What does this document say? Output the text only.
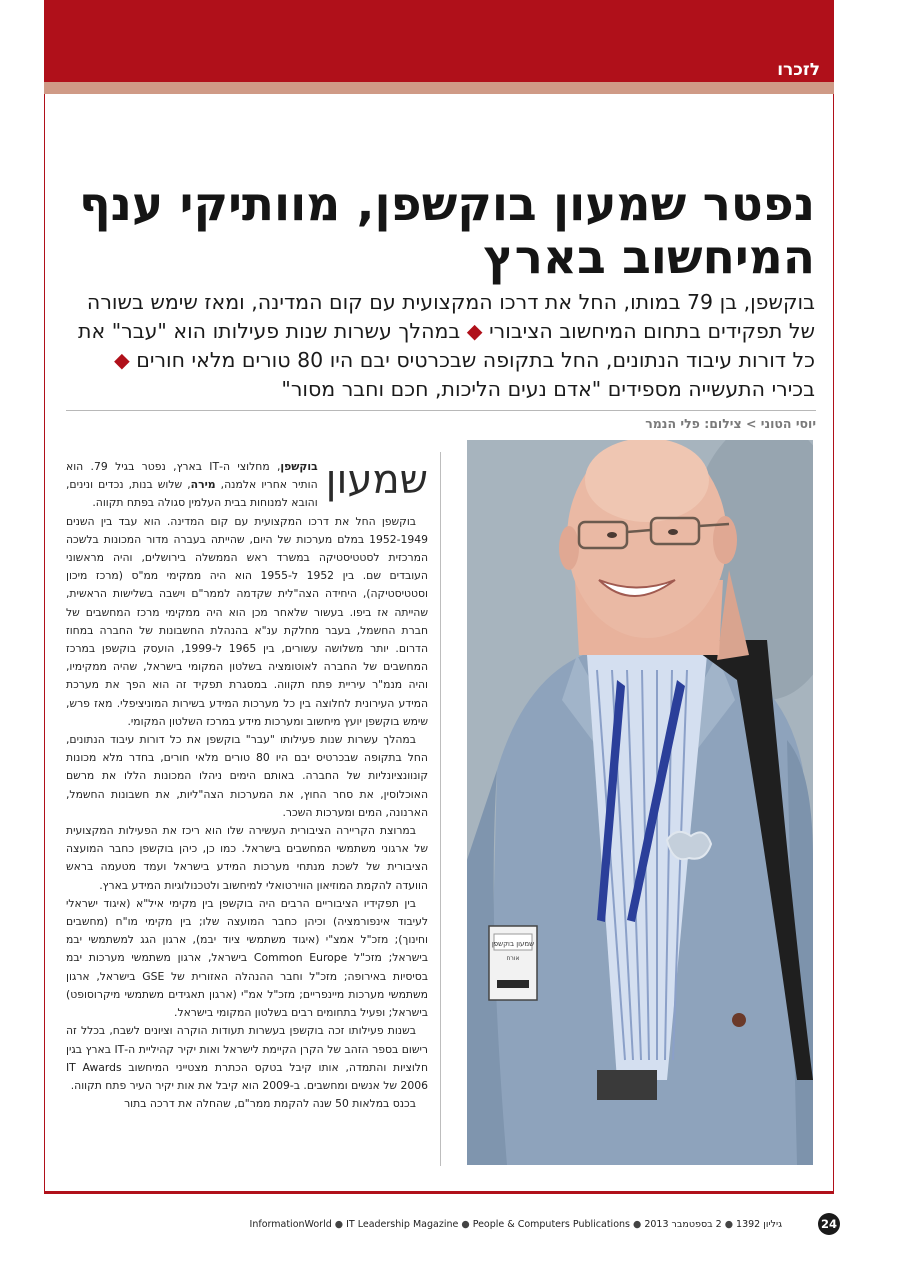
לזכרו
נפטר שמעון בוקשפן, מוותיקי ענף המיחשוב בארץ

בוקשפן, בן 79 במותו, החל את דרכו המקצועית עם קום המדינה, ומאז שימש בשורה של תפקידים בתחום המיחשוב הציבורי ◆ במהלך עשרות שנות פעילותו הוא "עבר" את כל דורות עיבוד הנתונים, החל בתקופה שבכרטיס יבם היו 80 טורים מלאי חורים ◆ בכירי התעשייה מספידים "אדם נעים הליכות, חכם וחבר מסור"

יוסי הטוני > צילום: פלי הנמר
שמעון בוקשפן
אורח
שמעון

בוקשפן, מחלוצי ה-IT בארץ, נפטר בגיל 79. הוא הותיר אחריו אלמנה, מירה, שלוש בנות, נכדים ונינים, והובא למנוחות בבית העלמין סגולה בפתח תקווה.

בוקשפן החל את דרכו המקצועית עם קום המדינה. הוא עבד בין השנים 1952-1949 במלם מערכות של היום, שהייתה בעברה מדור המכונות בלשכה המרכזית לסטטיסטיקה במשרד ראש הממשלה בירושלים, והיה מראשוני העובדים שם. בין 1952 ל-1955 הוא היה ממקימי ממ"ס (מרכז מיכון וסטטיסטיקה), היחידה הצה"לית שקדמה לממר"ם וישבה בשלישות הראשית, שהייתה אז ביפו. בעשור שלאחר מכן הוא היה ממקימי מרכז המחשבים של חברת החשמל, בעבר מחלקת ענ"א בהנהלת החשבונות של החברה במחוז הדרום. יותר משלושה עשורים, בין 1965 ל-1999, הועסק בוקשפן במרכז המחשבים של החברה לאוטומציה בשלטון המקומי בישראל, שהיה ממקימיו, והיה מנמ"ר עיריית פתח תקווה. במסגרת תפקיד זה הוא הפך את מערכת המידע העירונית לחלוצה בין כל מערכות המידע בשירות המוניציפלי. מאז פרש, שימש בוקשפן יועץ מיחשוב ומערכות מידע במרכז השלטון המקומי.

במהלך עשרות שנות פעילותו "עבר" בוקשפן את כל דורות עיבוד הנתונים, החל בתקופה שבכרטיס יבם היו 80 טורים מלאי חורים, בחדר מלא מכונות קונוונציונליות של החברה. באותם הימים ניהלו המכונות הללו את מרשם האוכלוסין, את סחר החוץ, את המערכות הצה"ליות, את חשבונות החשמל, הארנונה, המים ומערכות השכר.

במרוצת הקריירה הציבורית העשירה שלו הוא ריכז את הפעילות המקצועית של ארגוני משתמשי המחשבים בישראל. כמו כן, כיהן בוקשפן כחבר המועצה הציבורית של לשכת מנתחי מערכות המידע בישראל ועמד מטעמה בראש הוועדה להקמת המוזיאון הווירטואלי למיחשוב ולטכנולוגיות המידע בארץ.

בין תפקידיו הציבוריים הרבים היה בוקשפן בין מקימי איל"א (איגוד ישראלי לעיבוד אינפורמציה) וכיהן כחבר המועצה שלו; בין מקימי מו"ח (מחשבים וחינוך); מזכ"ל אמצ"י (איגוד משתמשי ציוד יבמ), ארגון הגג למשתמשי יבמ בישראל; מזכ"ל Common Europe בישראל, ארגון משתמשי מערכות יבמ בסיסיות באירופה; מזכ"ל וחבר ההנהלה האזורית של GSE בישראל, ארגון משתמשי מערכות מיינפריים; מזכ"ל אמ"י (ארגון תאגידים משתמשי מיקרוסופט) בישראל; ופעיל בתחומים רבים בשלטון המקומי בישראל.

בשנות פעילותו זכה בוקשפן בעשרות תעודות הוקרה וציונים לשבח, בכלל זה רישום בספר הזהב של הקרן הקיימת לישראל ואות יקיר קהיליית ה-IT בארץ בגין חלוציות והתמדה, אותו קיבל בטקס הכתרת מצטייני המיחשוב IT Awards 2006 של אנשים ומחשבים. ב-2009 הוא קיבל את אות יקיר העיר פתח תקווה.

בכנס במלאות 50 שנה להקמת ממר"ם, שהחלה את דרכה בתור

גיליון 1392 ● 2 בספטמבר 2013 ● InformationWorld ● IT Leadership Magazine ● People & Computers Publications	24
